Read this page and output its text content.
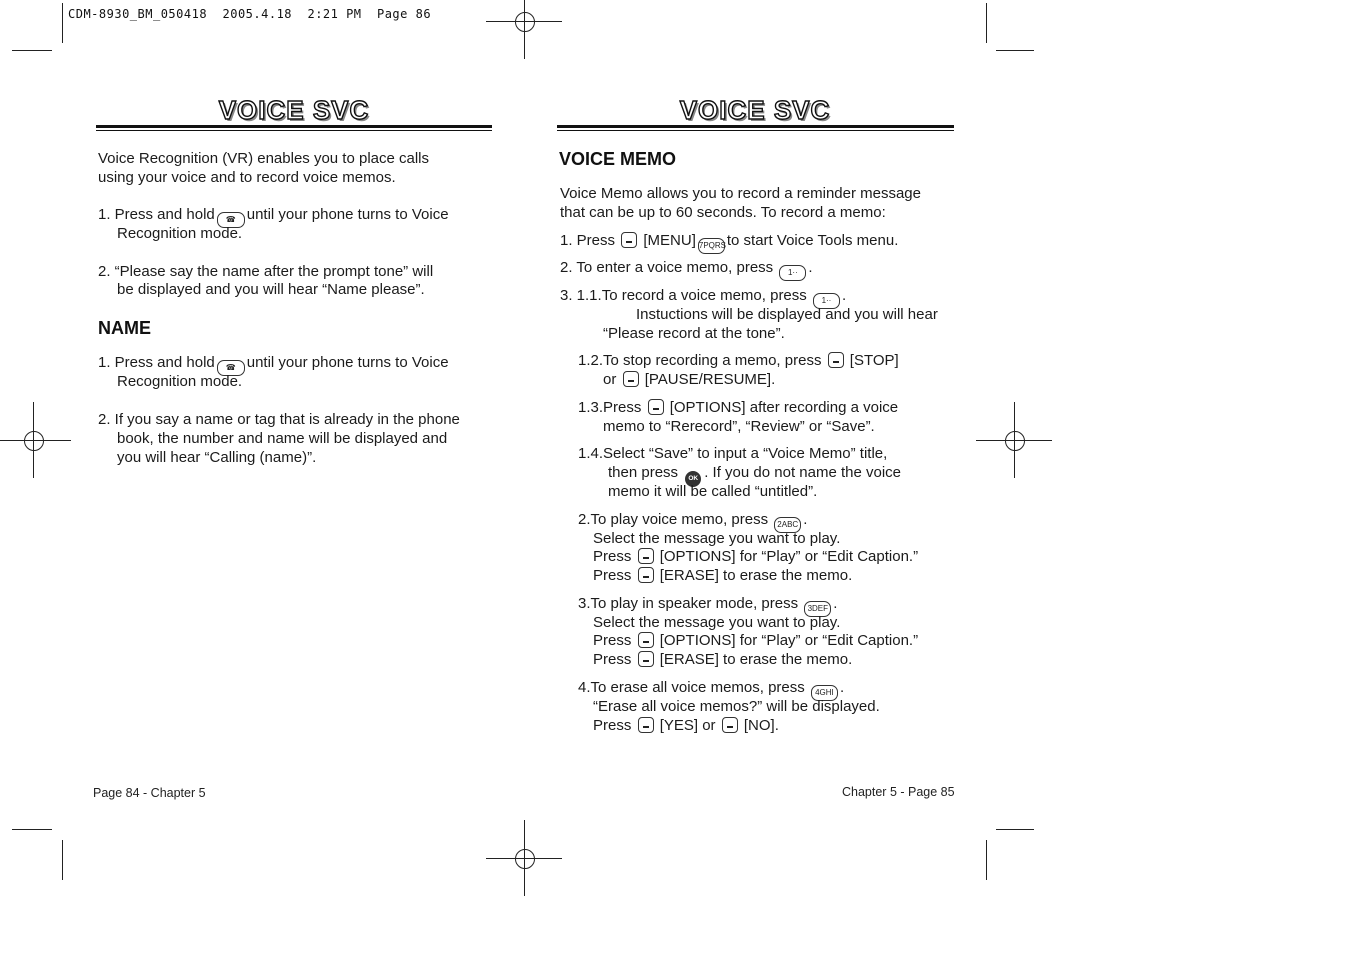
CDM-8930_BM_050418  2005.4.18  2:21 PM  Page 86
VOICE SVC
Voice Recognition (VR) enables you to place calls
using your voice and to record voice memos.
1. Press and hold ☎ until your phone turns to Voice
Recognition mode.
2. “Please say the name after the prompt tone” will
be displayed and you will hear “Name please”.
NAME
1. Press and hold ☎ until your phone turns to Voice
Recognition mode.
2. If you say a name or tag that is already in the phone
book, the number and name will be displayed and
you will hear “Calling (name)”.
Page 84 - Chapter 5
VOICE SVC
VOICE MEMO
Voice Memo allows you to record a reminder message
that can be up to 60 seconds. To record a memo:
1. Press [MENU] 7PQRSto start Voice Tools menu.
2. To enter a voice memo, press 1·· .
3. 1.1.To record a voice memo, press 1·· .
Instuctions will be displayed and you will hear
“Please record at the tone”.
1.2.To stop recording a memo, press [STOP]
or [PAUSE/RESUME].
1.3.Press [OPTIONS] after recording a voice
memo to “Rerecord”, “Review” or “Save”.
1.4.Select “Save” to input a “Voice Memo” title,
then press OK . If you do not name the voice
memo it will be called “untitled”.
2.To play voice memo, press 2ABC .
Select the message you want to play.
Press [OPTIONS] for “Play” or “Edit Caption.”
Press [ERASE] to erase the memo.
3.To play in speaker mode, press 3DEF .
Select the message you want to play.
Press [OPTIONS] for “Play” or “Edit Caption.”
Press [ERASE] to erase the memo.
4.To erase all voice memos, press 4GHI .
“Erase all voice memos?” will be displayed.
Press [YES] or [NO].
Chapter 5 - Page 85
